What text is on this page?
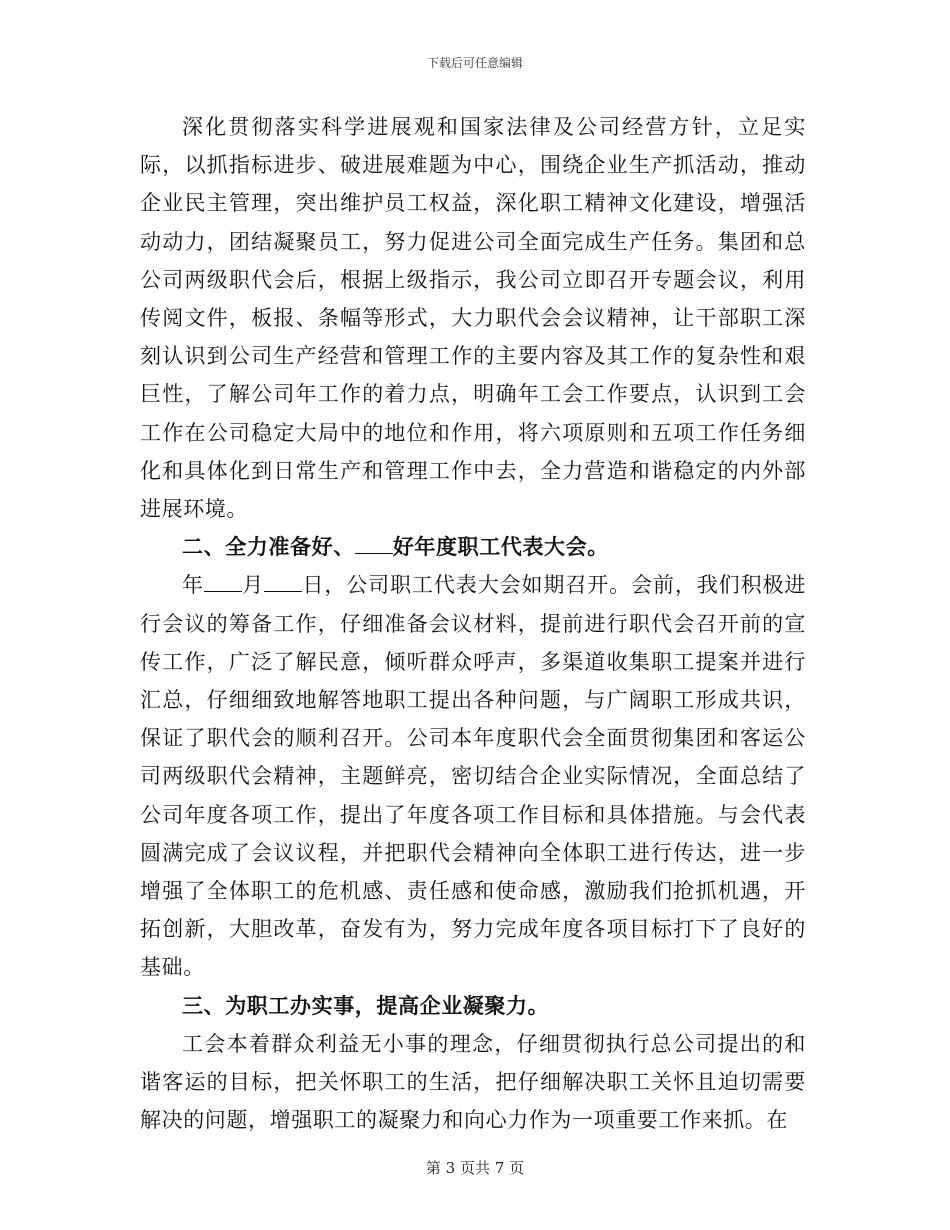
下载后可任意编辑

深化贯彻落实科学进展观和国家法律及公司经营方针，立足实际，以抓指标进步、破进展难题为中心，围绕企业生产抓活动，推动企业民主管理，突出维护员工权益，深化职工精神文化建设，增强活动动力，团结凝聚员工，努力促进公司全面完成生产任务。集团和总公司两级职代会后，根据上级指示，我公司立即召开专题会议，利用传阅文件，板报、条幅等形式，大力职代会会议精神，让干部职工深刻认识到公司生产经营和管理工作的主要内容及其工作的复杂性和艰巨性，了解公司年工作的着力点，明确年工会工作要点，认识到工会工作在公司稳定大局中的地位和作用，将六项原则和五项工作任务细化和具体化到日常生产和管理工作中去，全力营造和谐稳定的内外部进展环境。

二、全力准备好、 好年度职工代表大会。

年 月 日，公司职工代表大会如期召开。会前，我们积极进行会议的筹备工作，仔细准备会议材料，提前进行职代会召开前的宣传工作，广泛了解民意，倾听群众呼声，多渠道收集职工提案并进行汇总，仔细细致地解答地职工提出各种问题，与广阔职工形成共识，保证了职代会的顺利召开。公司本年度职代会全面贯彻集团和客运公司两级职代会精神，主题鲜亮，密切结合企业实际情况，全面总结了公司年度各项工作，提出了年度各项工作目标和具体措施。与会代表圆满完成了会议议程，并把职代会精神向全体职工进行传达，进一步增强了全体职工的危机感、责任感和使命感，激励我们抢抓机遇，开拓创新，大胆改革，奋发有为，努力完成年度各项目标打下了良好的基础。

三、为职工办实事，提高企业凝聚力。

工会本着群众利益无小事的理念，仔细贯彻执行总公司提出的和谐客运的目标，把关怀职工的生活，把仔细解决职工关怀且迫切需要解决的问题，增强职工的凝聚力和向心力作为一项重要工作来抓。在

第 3 页共 7 页
